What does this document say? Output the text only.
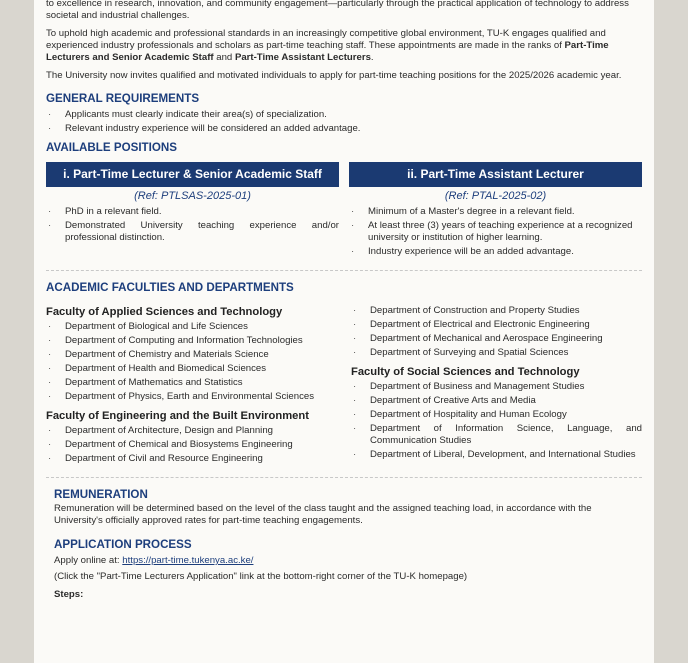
to excellence in research, innovation, and community engagement—particularly through the practical application of technology to address societal and industrial challenges.

To uphold high academic and professional standards in an increasingly competitive global environment, TU-K engages qualified and experienced industry professionals and scholars as part-time teaching staff. These appointments are made in the ranks of Part-Time Lecturers and Senior Academic Staff and Part-Time Assistant Lecturers.

The University now invites qualified and motivated individuals to apply for part-time teaching positions for the 2025/2026 academic year.

GENERAL REQUIREMENTS
· Applicants must clearly indicate their area(s) of specialization.
· Relevant industry experience will be considered an added advantage.
AVAILABLE POSITIONS
i. Part-Time Lecturer & Senior Academic Staff
(Ref: PTLSAS-2025-01)
· PhD in a relevant field.
· Demonstrated University teaching experience and/or professional distinction.
ii. Part-Time Assistant Lecturer
(Ref: PTAL-2025-02)
· Minimum of a Master's degree in a relevant field.
· At least three (3) years of teaching experience at a recognized university or institution of higher learning.
· Industry experience will be an added advantage.
ACADEMIC FACULTIES AND DEPARTMENTS
Faculty of Applied Sciences and Technology
· Department of Biological and Life Sciences
· Department of Computing and Information Technologies
· Department of Chemistry and Materials Science
· Department of Health and Biomedical Sciences
· Department of Mathematics and Statistics
· Department of Physics, Earth and Environmental Sciences
Faculty of Engineering and the Built Environment
· Department of Architecture, Design and Planning
· Department of Chemical and Biosystems Engineering
· Department of Civil and Resource Engineering
· Department of Construction and Property Studies
· Department of Electrical and Electronic Engineering
· Department of Mechanical and Aerospace Engineering
· Department of Surveying and Spatial Sciences
Faculty of Social Sciences and Technology
· Department of Business and Management Studies
· Department of Creative Arts and Media
· Department of Hospitality and Human Ecology
· Department of Information Science, Language, and Communication Studies
· Department of Liberal, Development, and International Studies
REMUNERATION

Remuneration will be determined based on the level of the class taught and the assigned teaching load, in accordance with the University's officially approved rates for part-time teaching engagements.

APPLICATION PROCESS

Apply online at: https://part-time.tukenya.ac.ke/

(Click the "Part-Time Lecturers Application" link at the bottom-right corner of the TU-K homepage)

Steps:
